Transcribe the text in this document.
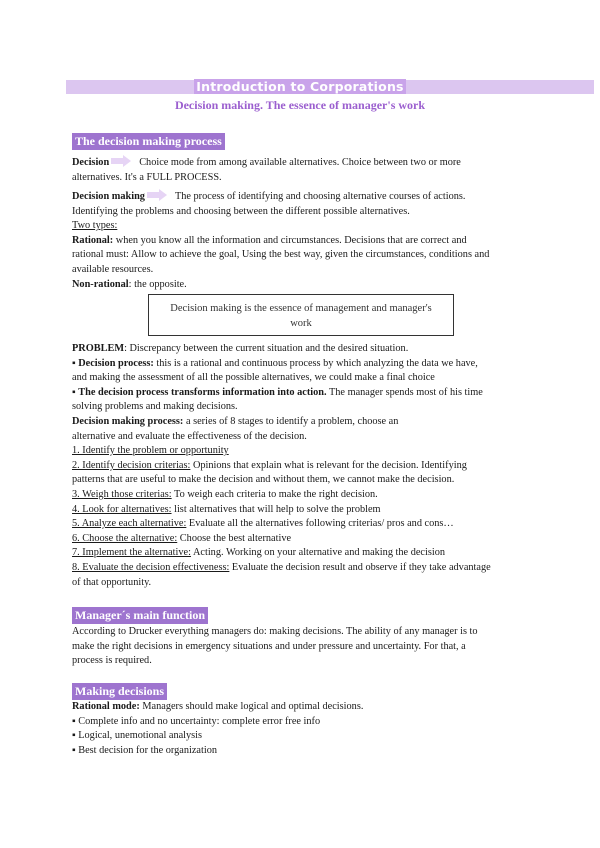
Introduction to Corporations
Decision making. The essence of manager's work
The decision making process
Decision	Choice mode from among available alternatives. Choice between two or more
alternatives. It's a FULL PROCESS.
Decision making	The process of identifying and choosing alternative courses of actions.
Identifying the problems and choosing between the different possible alternatives.
Two types:
Rational: when you know all the information and circumstances. Decisions that are correct and
rational must: Allow to achieve the goal, Using the best way, given the circumstances, conditions and
available resources.
Non-rational: the opposite.
Decision making is the essence of management and manager's
work
PROBLEM: Discrepancy between the current situation and the desired situation.
▪ Decision process: this is a rational and continuous process by which analyzing the data we have,
and making the assessment of all the possible alternatives, we could make a final choice
▪ The decision process transforms information into action. The manager spends most of his time
solving problems and making decisions.
Decision making process: a series of 8 stages to identify a problem, choose an
alternative and evaluate the effectiveness of the decision.
1. Identify the problem or opportunity
2. Identify decision criterias: Opinions that explain what is relevant for the decision. Identifying
patterns that are useful to make the decision and without them, we cannot make the decision.
3. Weigh those criterias: To weigh each criteria to make the right decision.
4. Look for alternatives: list alternatives that will help to solve the problem
5. Analyze each alternative: Evaluate all the alternatives following criterias/ pros and cons…
6. Choose the alternative: Choose the best alternative
7. Implement the alternative: Acting. Working on your alternative and making the decision
8. Evaluate the decision effectiveness: Evaluate the decision result and observe if they take advantage
of that opportunity.
Manager´s main function
According to Drucker everything managers do: making decisions. The ability of any manager is to
make the right decisions in emergency situations and under pressure and uncertainty. For that, a
process is required.
Making decisions
Rational mode: Managers should make logical and optimal decisions.
▪ Complete info and no uncertainty: complete error free info
▪ Logical, unemotional analysis
▪ Best decision for the organization
